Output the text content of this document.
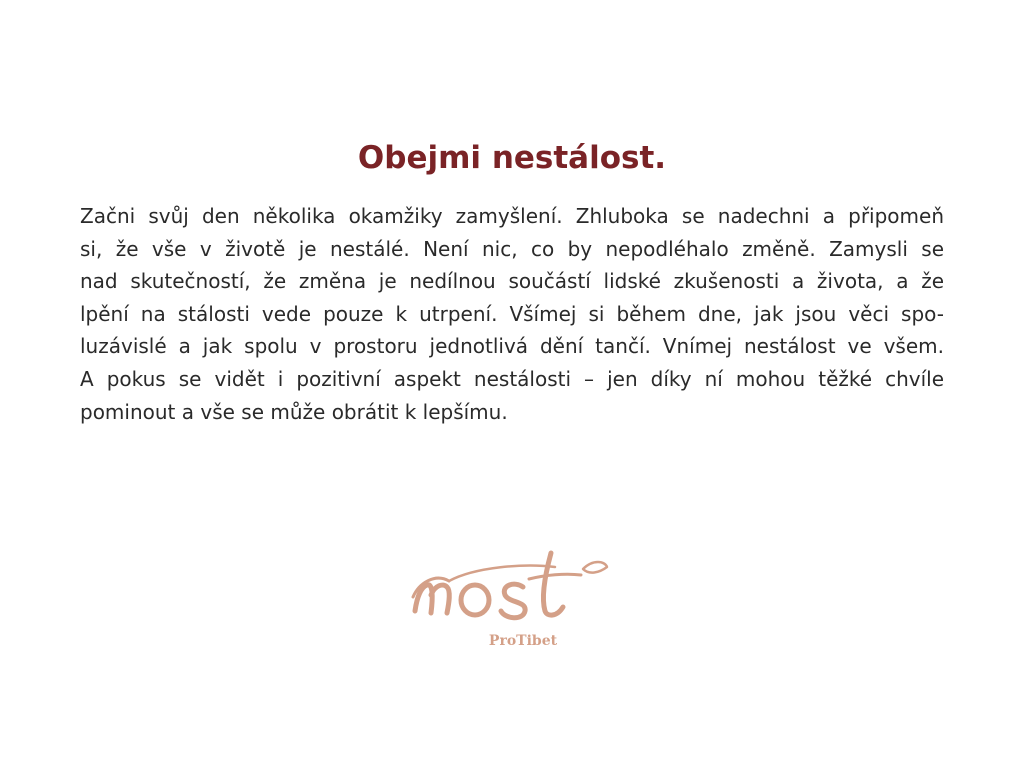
Obejmi nestálost.
Začni svůj den několika okamžiky zamyšlení. Zhluboka se nadechni a připomeň
si, že vše v životě je nestálé. Není nic, co by nepodléhalo změně. Zamysli se
nad skutečností, že změna je nedílnou součástí lidské zkušenosti a života, a že
lpění na stálosti vede pouze k utrpení. Všímej si během dne, jak jsou věci spo-
luzávislé a jak spolu v prostoru jednotlivá dění tančí. Vnímej nestálost ve všem.
A pokus se vidět i pozitivní aspekt nestálosti – jen díky ní mohou těžké chvíle
pominout a vše se může obrátit k lepšímu.
ProTibet
